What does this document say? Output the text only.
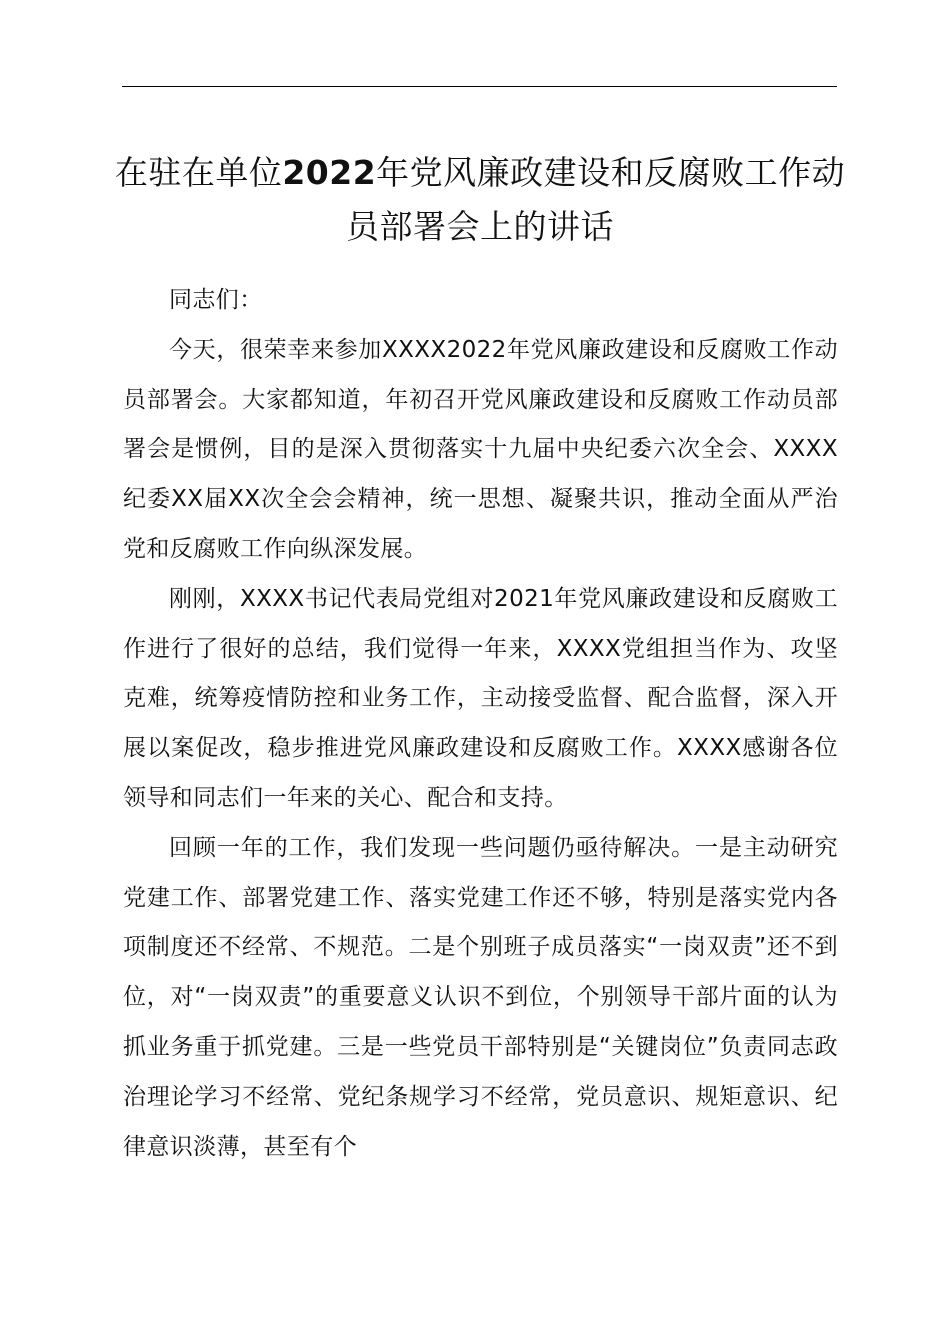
在驻在单位2022年党风廉政建设和反腐败工作动员部署会上的讲话

同志们：

今天，很荣幸来参加XXXX2022年党风廉政建设和反腐败工作动员部署会。大家都知道，年初召开党风廉政建设和反腐败工作动员部署会是惯例，目的是深入贯彻落实十九届中央纪委六次全会、XXXX纪委XX届XX次全会会精神，统一思想、凝聚共识，推动全面从严治党和反腐败工作向纵深发展。

刚刚，XXXX书记代表局党组对2021年党风廉政建设和反腐败工作进行了很好的总结，我们觉得一年来，XXXX党组担当作为、攻坚克难，统筹疫情防控和业务工作，主动接受监督、配合监督，深入开展以案促改，稳步推进党风廉政建设和反腐败工作。XXXX感谢各位领导和同志们一年来的关心、配合和支持。

回顾一年的工作，我们发现一些问题仍亟待解决。一是主动研究党建工作、部署党建工作、落实党建工作还不够，特别是落实党内各项制度还不经常、不规范。二是个别班子成员落实“一岗双责”还不到位，对“一岗双责”的重要意义认识不到位，个别领导干部片面的认为抓业务重于抓党建。三是一些党员干部特别是“关键岗位”负责同志政治理论学习不经常、党纪条规学习不经常，党员意识、规矩意识、纪律意识淡薄，甚至有个
